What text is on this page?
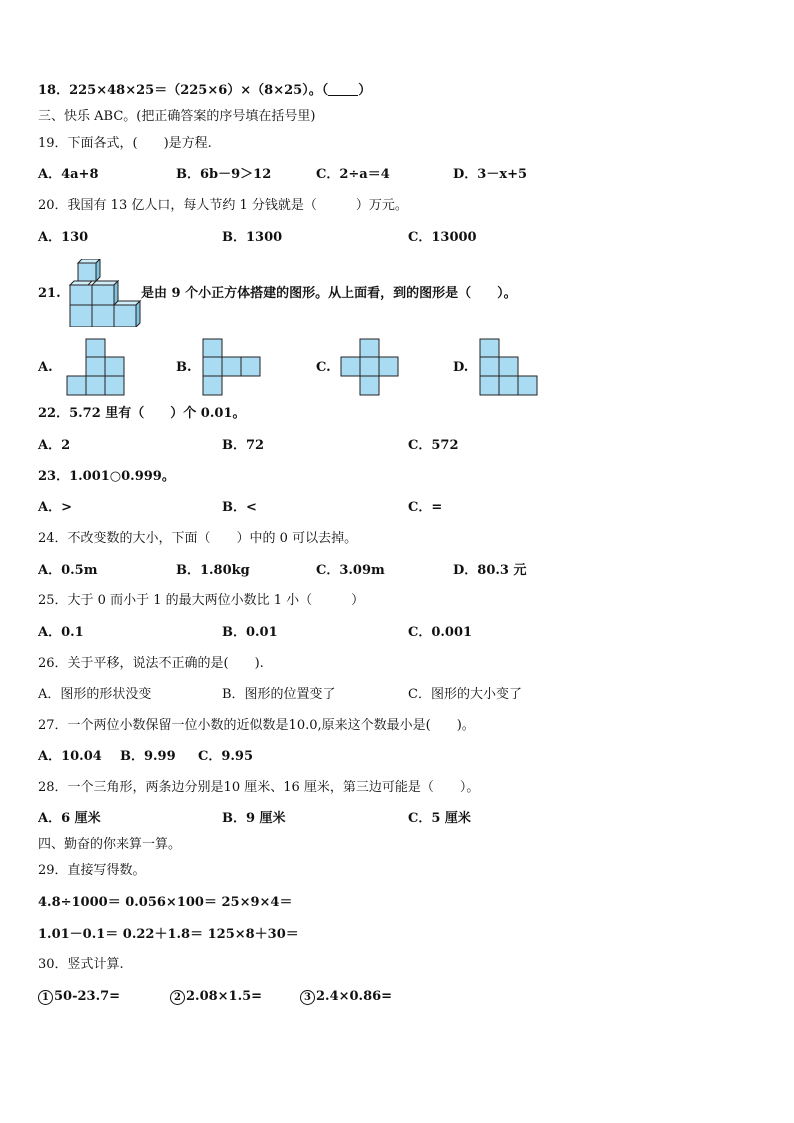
18．225×48×25＝（225×6）×（8×25）。（ ）
三、快乐 ABC。(把正确答案的序号填在括号里)
19．下面各式，(　　)是方程.
A．4a+8	B．6b－9＞12	C．2÷a＝4	D．3－x+5
20．我国有 13 亿人口，每人节约 1 分钱就是（　　　）万元。
A．130	B．1300	C．13000
21.	是由 9 个小正方体搭建的图形。从上面看，到的图形是（　　）。
A.	B.	C.	D.
22．5.72 里有（　　）个 0.01。
A．2	B．72	C．572
23．1.001○0.999。
A．>	B．<	C．=
24．不改变数的大小，下面（　　）中的 0 可以去掉。
A．0.5m	B．1.80kg	C．3.09m	D．80.3 元
25．大于 0 而小于 1 的最大两位小数比 1 小（　　　）
A．0.1	B．0.01	C．0.001
26．关于平移，说法不正确的是(　　).
A．图形的形状没变	B．图形的位置变了	C．图形的大小变了
27．一个两位小数保留一位小数的近似数是10.0,原来这个数最小是(　　)。
A．10.04 B．9.99 C．9.95
28．一个三角形，两条边分别是10 厘米、16 厘米，第三边可能是（　　）。
A．6 厘米	B．9 厘米	C．5 厘米
四、勤奋的你来算一算。
29．直接写得数。
4.8÷1000＝ 0.056×100＝ 25×9×4＝
1.01－0.1＝ 0.22＋1.8＝ 125×8＋30＝
30．竖式计算.
1 50-23.7=	2 2.08×1.5=	3 2.4×0.86=
